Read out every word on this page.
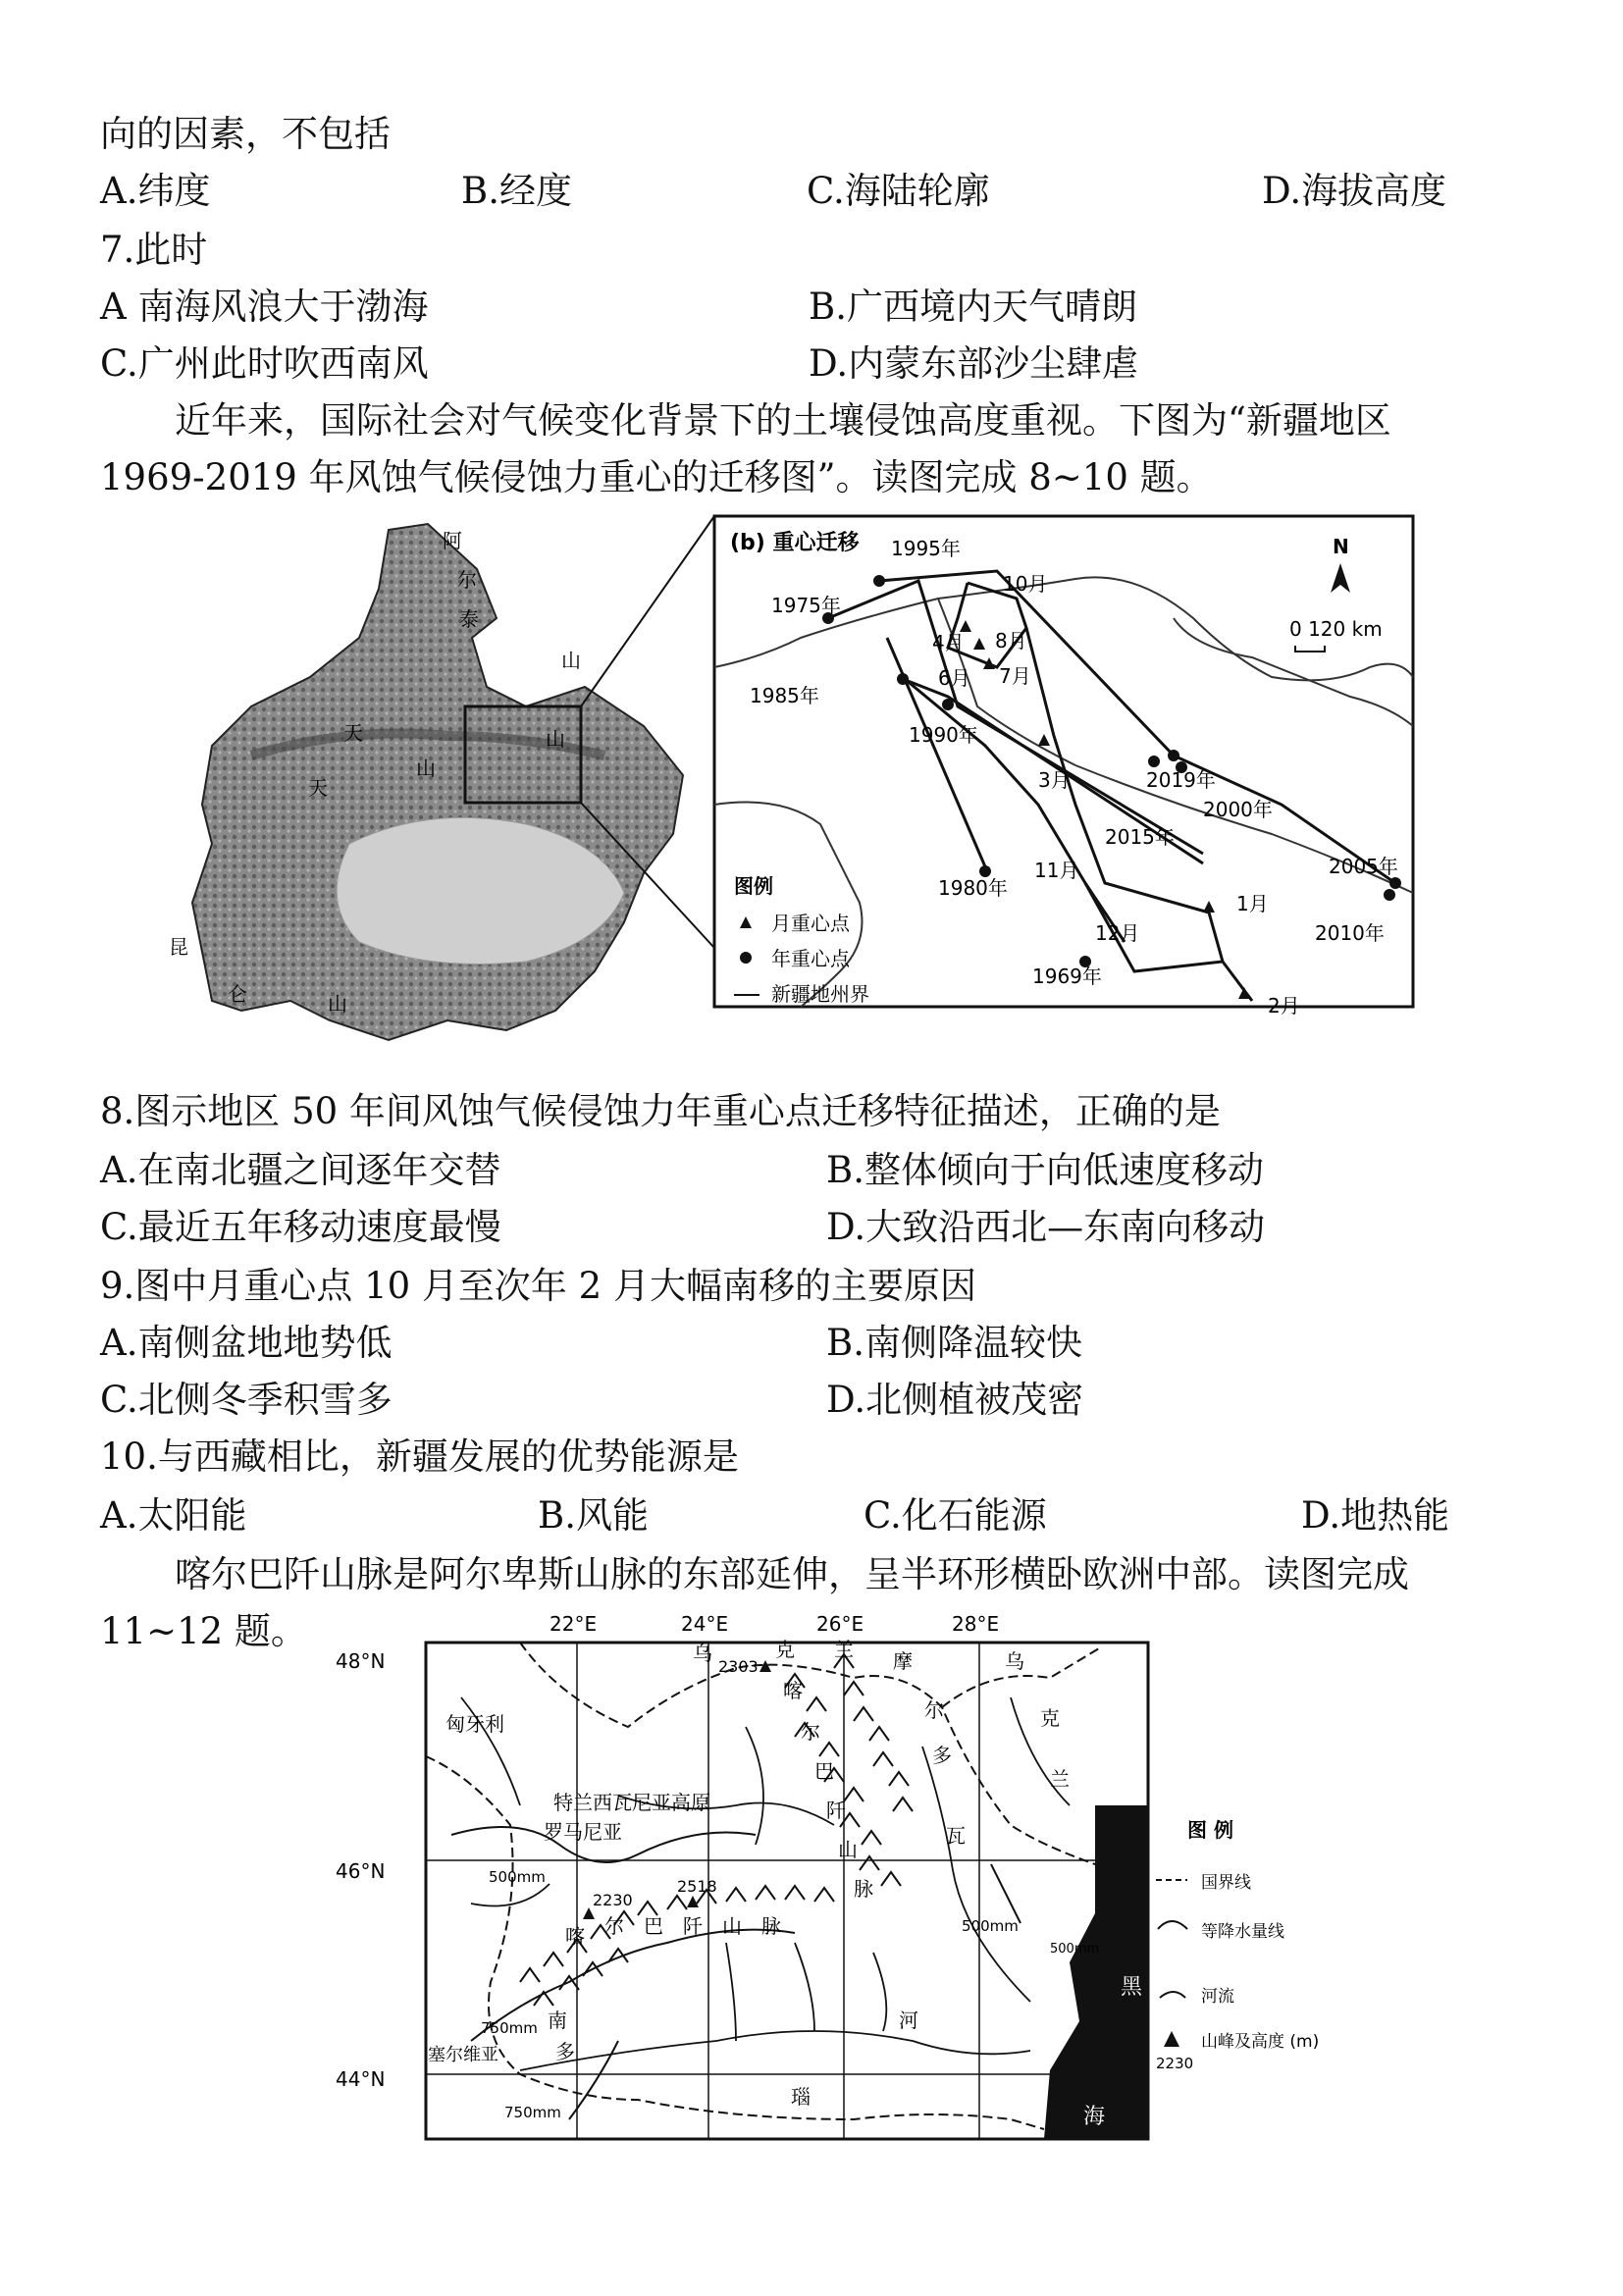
向的因素，不包括
A.纬度	B.经度	C.海陆轮廓	D.海拔高度
7.此时
A 南海风浪大于渤海	B.广西境内天气晴朗
C.广州此时吹西南风	D.内蒙东部沙尘肆虐
近年来，国际社会对气候变化背景下的土壤侵蚀高度重视。下图为“新疆地区
1969-2019 年风蚀气候侵蚀力重心的迁移图”。读图完成 8~10 题。
阿
尔
泰
山
天	山
天
山
昆
仑	山
(b) 重心迁移	N
0 120 km
1995年
1975年
1985年
1990年
2019年
2000年
2015年
2005年
2010年
1980年
1969年
10月
4月 8月
6月 7月
3月
11月
1月
12月
2月
图例
月重心点
年重心点
新疆地州界
8.图示地区 50 年间风蚀气候侵蚀力年重心点迁移特征描述，正确的是
A.在南北疆之间逐年交替	B.整体倾向于向低速度移动
C.最近五年移动速度最慢	D.大致沿西北—东南向移动
9.图中月重心点 10 月至次年 2 月大幅南移的主要原因
A.南侧盆地地势低	B.南侧降温较快
C.北侧冬季积雪多	D.北侧植被茂密
10.与西藏相比，新疆发展的优势能源是
A.太阳能	B.风能	C.化石能源	D.地热能
喀尔巴阡山脉是阿尔卑斯山脉的东部延伸，呈半环形横卧欧洲中部。读图完成
11~12 题。	22°E	24°E	26°E	28°E
48°N
46°N
44°N
黑
海
2303
2230
2518
乌	克 兰 摩	乌
克
兰
尔
多
瓦
匈牙利
罗马尼亚
塞尔维亚
特兰西瓦尼亚高原
喀
尔
巴
阡
山
脉
喀 尔 巴 阡 山 脉
南
多
河
瑙
500mm
500mm
500mm
750mm
750mm
图 例
国界线
等降水量线
河流
2230
山峰及高度 (m)
